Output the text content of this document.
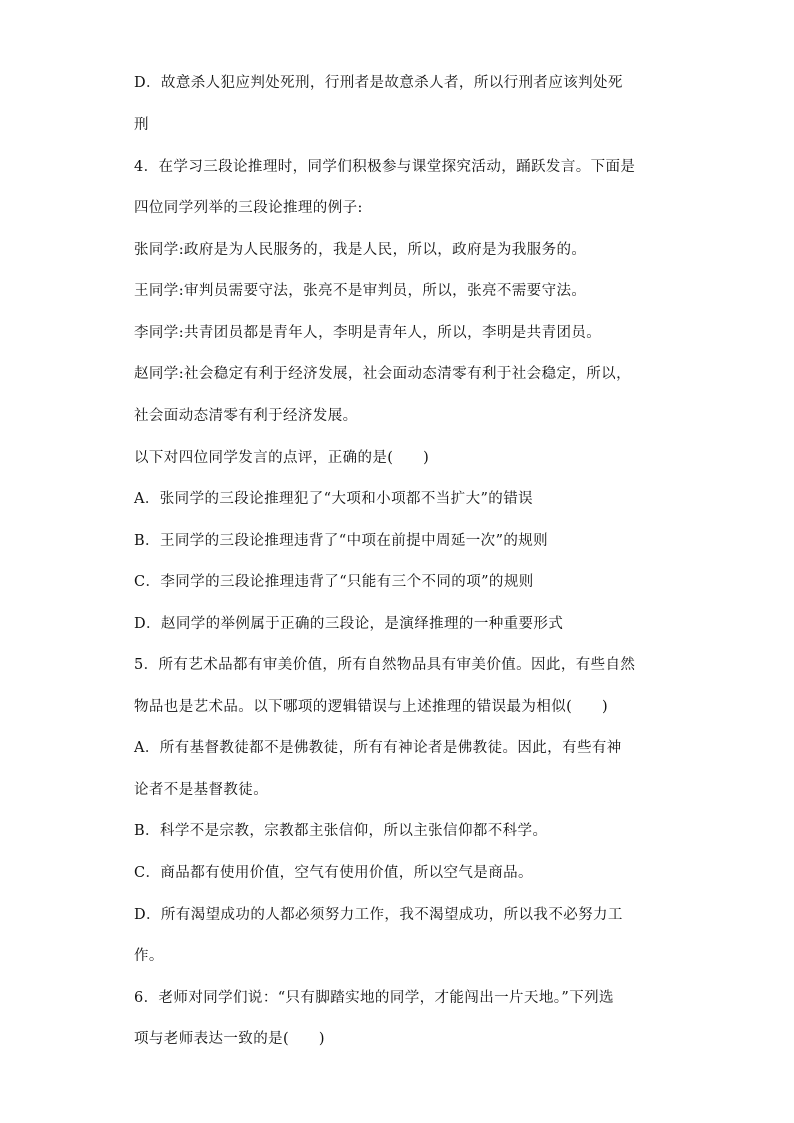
D．故意杀人犯应判处死刑，行刑者是故意杀人者，所以行刑者应该判处死
刑
4．在学习三段论推理时，同学们积极参与课堂探究活动，踊跃发言。下面是
四位同学列举的三段论推理的例子:
张同学:政府是为人民服务的，我是人民，所以，政府是为我服务的。
王同学:审判员需要守法，张亮不是审判员，所以，张亮不需要守法。
李同学:共青团员都是青年人，李明是青年人，所以，李明是共青团员。
赵同学:社会稳定有利于经济发展，社会面动态清零有利于社会稳定，所以，
社会面动态清零有利于经济发展。
以下对四位同学发言的点评，正确的是(　　)
A．张同学的三段论推理犯了“大项和小项都不当扩大”的错误
B．王同学的三段论推理违背了“中项在前提中周延一次”的规则
C．李同学的三段论推理违背了“只能有三个不同的项”的规则
D．赵同学的举例属于正确的三段论，是演绎推理的一种重要形式
5．所有艺术品都有审美价值，所有自然物品具有审美价值。因此，有些自然
物品也是艺术品。以下哪项的逻辑错误与上述推理的错误最为相似(　　)
A．所有基督教徒都不是佛教徒，所有有神论者是佛教徒。因此，有些有神
论者不是基督教徒。
B．科学不是宗教，宗教都主张信仰，所以主张信仰都不科学。
C．商品都有使用价值，空气有使用价值，所以空气是商品。
D．所有渴望成功的人都必须努力工作，我不渴望成功，所以我不必努力工
作。
6．老师对同学们说：“只有脚踏实地的同学，才能闯出一片天地。”下列选
项与老师表达一致的是(　　)
